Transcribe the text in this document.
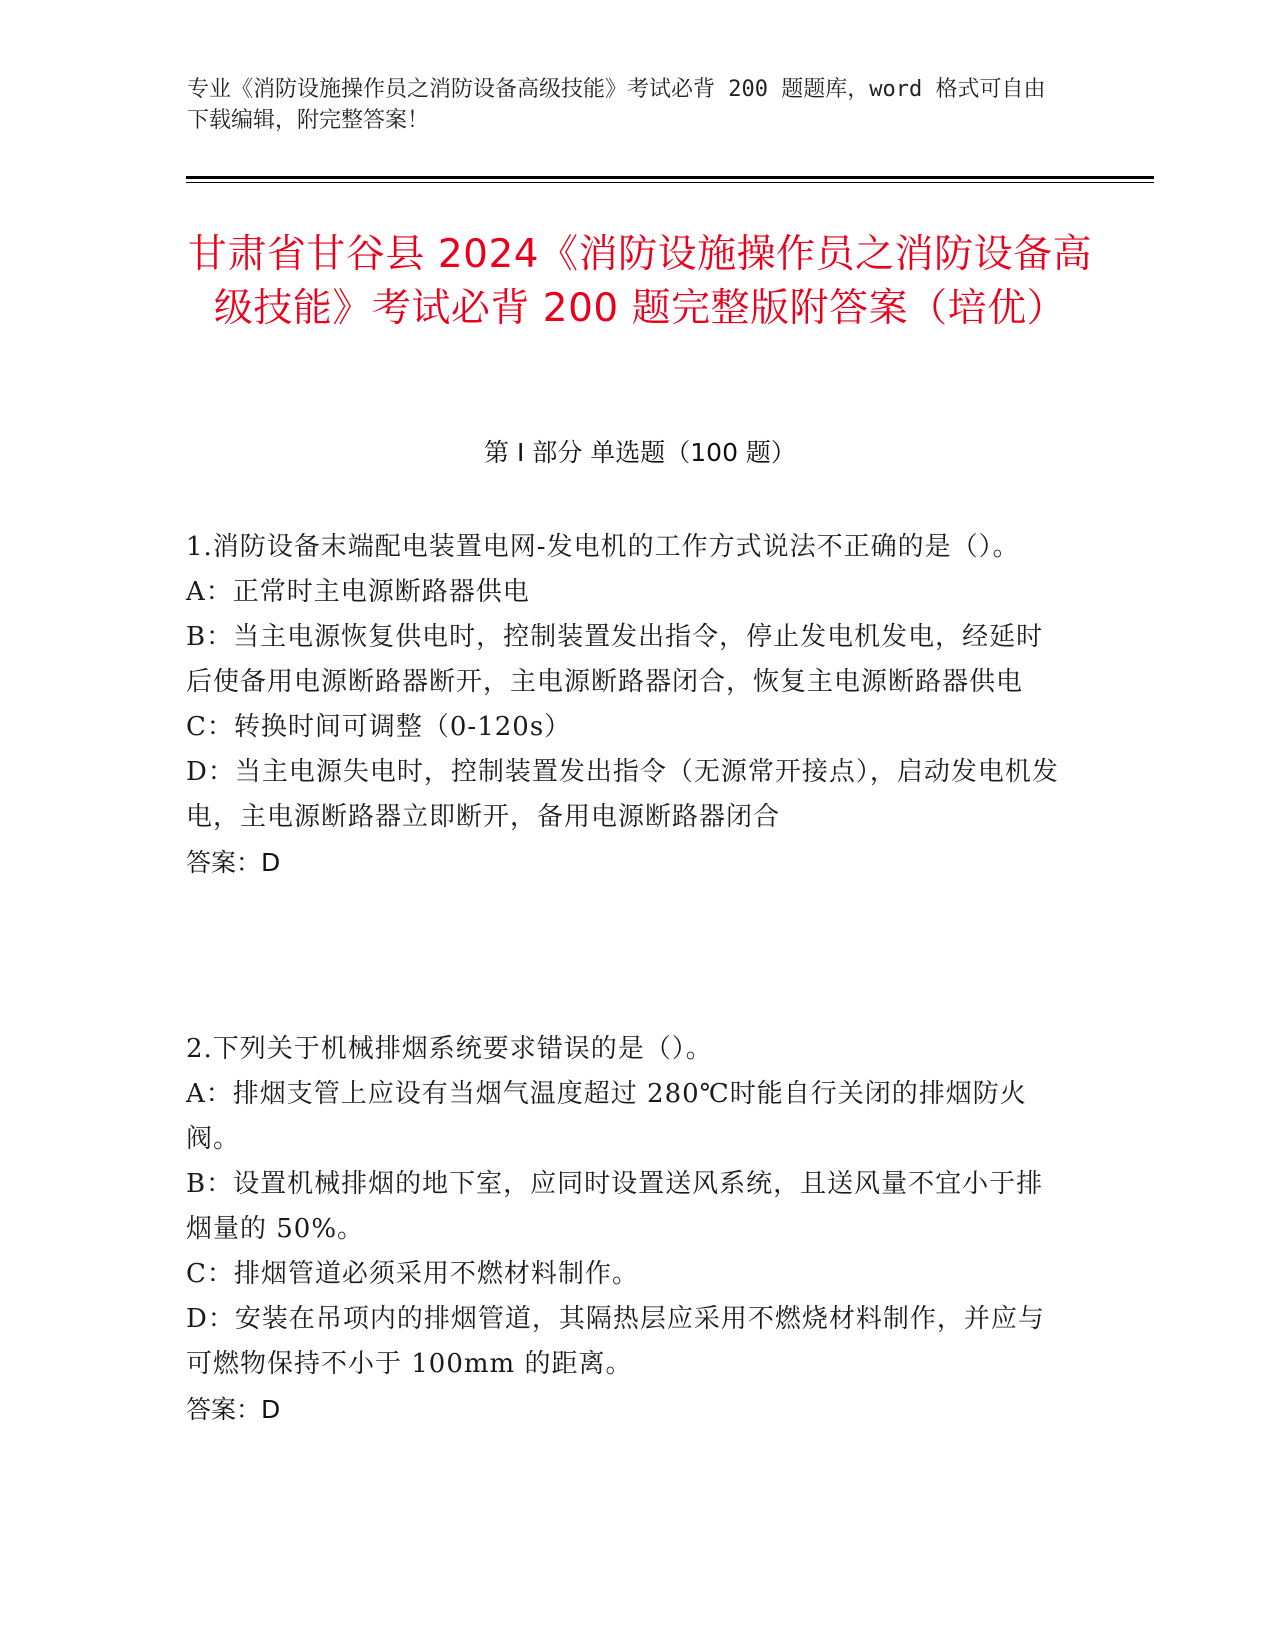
专业《消防设施操作员之消防设备高级技能》考试必背 200 题题库，word 格式可自由下载编辑，附完整答案！
甘肃省甘谷县 2024《消防设施操作员之消防设备高级技能》考试必背 200 题完整版附答案（培优）
第 I 部分 单选题（100 题）
1.消防设备末端配电装置电网-发电机的工作方式说法不正确的是（）。
A：正常时主电源断路器供电
B：当主电源恢复供电时，控制装置发出指令，停止发电机发电，经延时后使备用电源断路器断开，主电源断路器闭合，恢复主电源断路器供电
C：转换时间可调整（0-120s）
D：当主电源失电时，控制装置发出指令（无源常开接点），启动发电机发电，主电源断路器立即断开，备用电源断路器闭合
答案：D
2.下列关于机械排烟系统要求错误的是（）。
A：排烟支管上应设有当烟气温度超过 280℃时能自行关闭的排烟防火阀。
B：设置机械排烟的地下室，应同时设置送风系统，且送风量不宜小于排烟量的 50%。
C：排烟管道必须采用不燃材料制作。
D：安装在吊项内的排烟管道，其隔热层应采用不燃烧材料制作，并应与可燃物保持不小于 100mm 的距离。
答案：D
